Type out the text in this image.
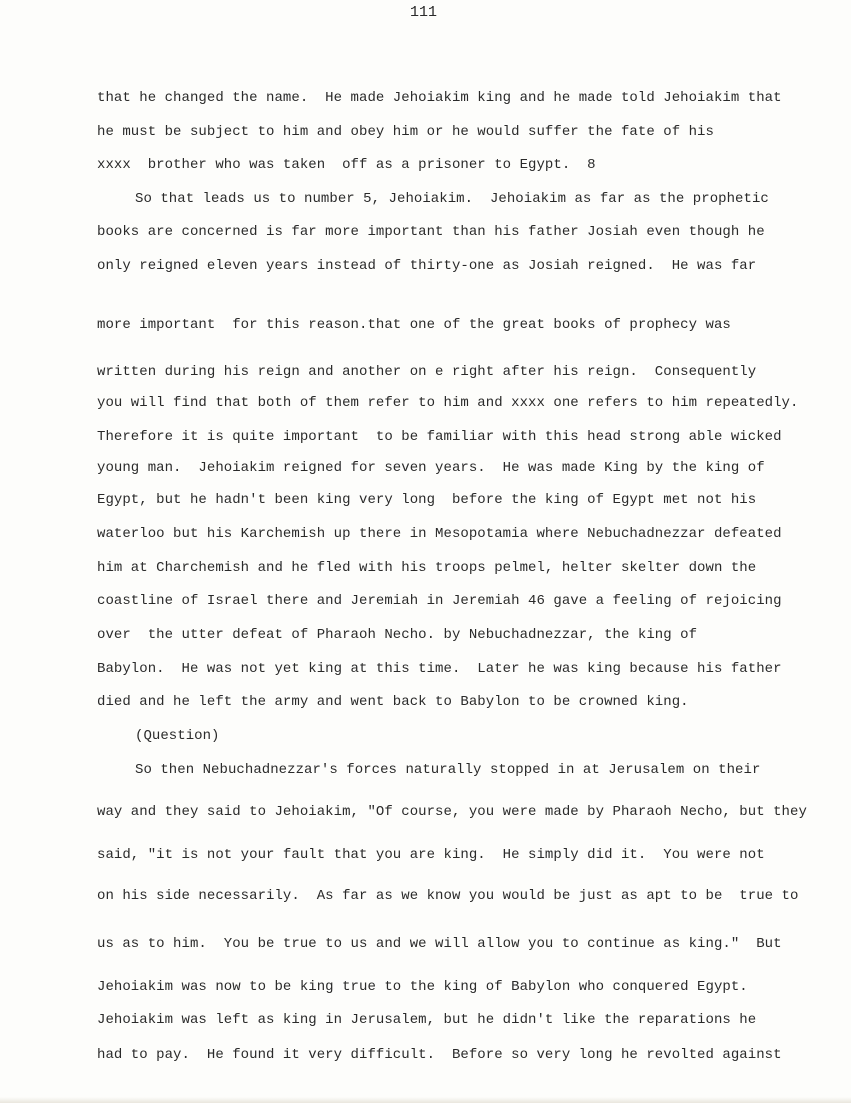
111
that he changed the name.  He made Jehoiakim king and he made told Jehoiakim that
he must be subject to him and obey him or he would suffer the fate of his
xxxx  brother who was taken  off as a prisoner to Egypt.  8
So that leads us to number 5, Jehoiakim.  Jehoiakim as far as the prophetic
books are concerned is far more important than his father Josiah even though he
only reigned eleven years instead of thirty-one as Josiah reigned.  He was far
more important  for this reason.that one of the great books of prophecy was
written during his reign and another on e right after his reign.  Consequently
you will find that both of them refer to him and xxxx one refers to him repeatedly.
Therefore it is quite important  to be familiar with this head strong able wicked
young man.  Jehoiakim reigned for seven years.  He was made King by the king of
Egypt, but he hadn't been king very long  before the king of Egypt met not his
waterloo but his Karchemish up there in Mesopotamia where Nebuchadnezzar defeated
him at Charchemish and he fled with his troops pelmel, helter skelter down the
coastline of Israel there and Jeremiah in Jeremiah 46 gave a feeling of rejoicing
over  the utter defeat of Pharaoh Necho. by Nebuchadnezzar, the king of
Babylon.  He was not yet king at this time.  Later he was king because his father
died and he left the army and went back to Babylon to be crowned king.
(Question)
So then Nebuchadnezzar's forces naturally stopped in at Jerusalem on their
way and they said to Jehoiakim, "Of course, you were made by Pharaoh Necho, but they
said, "it is not your fault that you are king.  He simply did it.  You were not
on his side necessarily.  As far as we know you would be just as apt to be  true to
us as to him.  You be true to us and we will allow you to continue as king."  But
Jehoiakim was now to be king true to the king of Babylon who conquered Egypt.
Jehoiakim was left as king in Jerusalem, but he didn't like the reparations he
had to pay.  He found it very difficult.  Before so very long he revolted against
